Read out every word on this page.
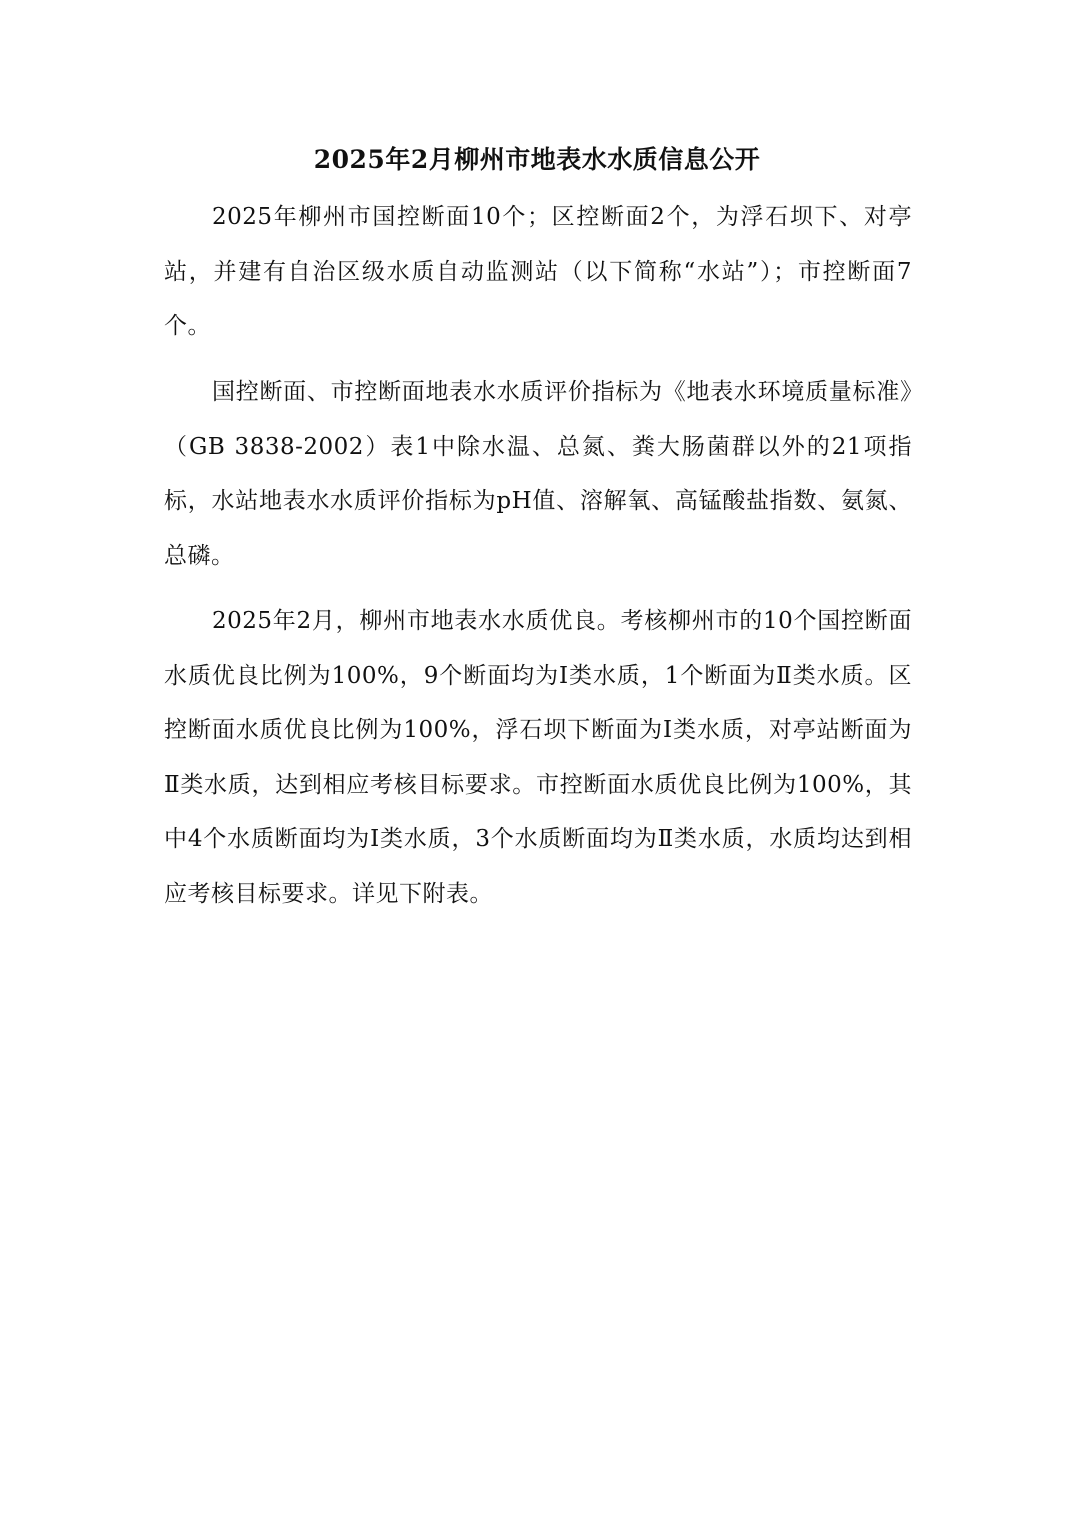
2025年2月柳州市地表水水质信息公开

2025年柳州市国控断面10个；区控断面2个，为浮石坝下、对亭站，并建有自治区级水质自动监测站（以下简称“水站”）；市控断面7个。

国控断面、市控断面地表水水质评价指标为《地表水环境质量标准》（GB 3838-2002）表1中除水温、总氮、粪大肠菌群以外的21项指标，水站地表水水质评价指标为pH值、溶解氧、高锰酸盐指数、氨氮、总磷。

2025年2月，柳州市地表水水质优良。考核柳州市的10个国控断面水质优良比例为100%，9个断面均为Ⅰ类水质，1个断面为Ⅱ类水质。区控断面水质优良比例为100%，浮石坝下断面为Ⅰ类水质，对亭站断面为Ⅱ类水质，达到相应考核目标要求。市控断面水质优良比例为100%，其中4个水质断面均为Ⅰ类水质，3个水质断面均为Ⅱ类水质，水质均达到相应考核目标要求。详见下附表。
